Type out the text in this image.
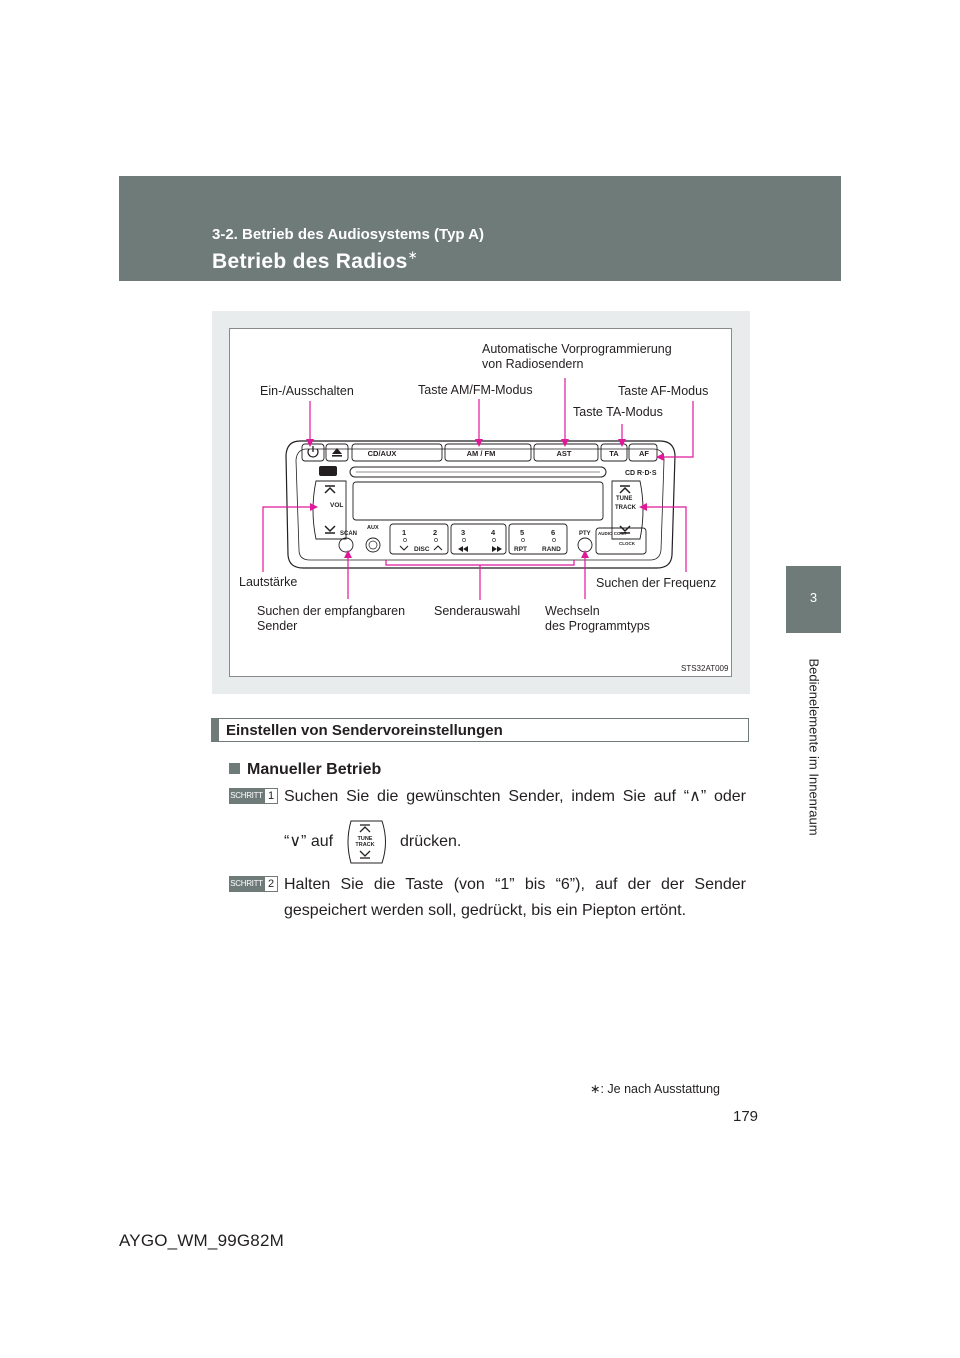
3-2. Betrieb des Audiosystems (Typ A)
Betrieb des Radios∗
3
Bedienelemente im Innenraum
CD/AUX	AM / FM	AST	TA	AF
VOL
TUNE
TRACK
CD R·D·S
SCAN
AUX	1	2	3	4	5	6
DISC	RPT RAND
PTY AUDIO CONT
CLOCK
Automatische Vorprogrammierung
von Radiosendern
Ein-/Ausschalten	Taste AM/FM-Modus	Taste AF-Modus
Taste TA-Modus
Lautstärke	Suchen der Frequenz
Suchen der empfangbaren
Sender
Senderauswahl Wechseln
des Programmtyps
STS32AT009
Einstellen von Sendervoreinstellungen
Manueller Betrieb
SCHRITT 1 Suchen Sie die gewünschten Sender, indem Sie auf “∧” oder
“∨” auf	TUNE
TRACK drücken.
SCHRITT 2 Halten Sie die Taste (von “1” bis “6”), auf der der Sender
gespeichert werden soll, gedrückt, bis ein Piepton ertönt.
∗: Je nach Ausstattung
179
AYGO_WM_99G82M
